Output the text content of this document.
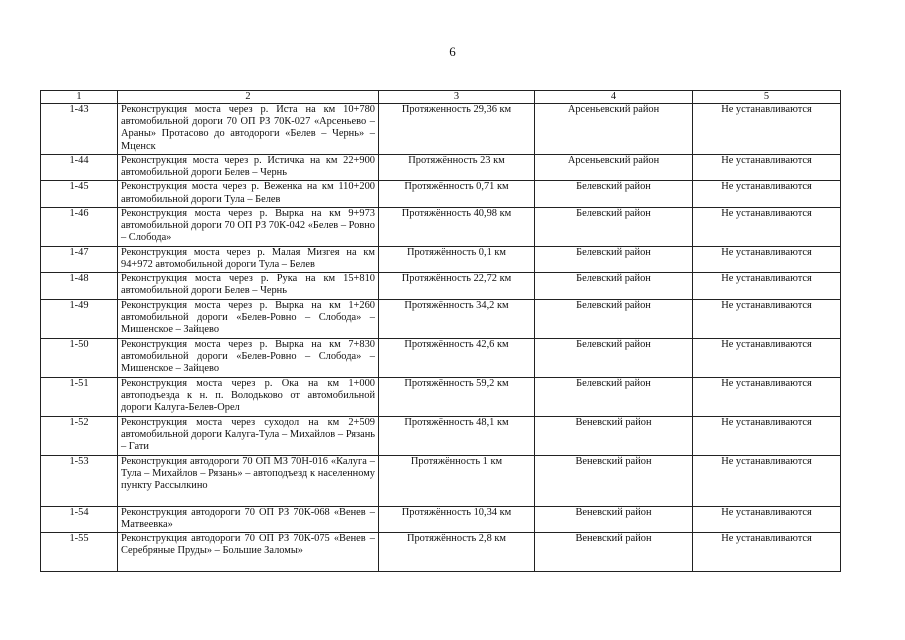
6
1	2	3	4	5
1-43	Реконструкция моста через р. Иста на км 10+780 автомобильной дороги 70 ОП РЗ 70К-027 «Арсеньево – Араны» Протасово до автодороги «Белев – Чернь» – Мценск	Протяженность 29,36 км	Арсеньевский район	Не устанавливаются
1-44	Реконструкция моста через р. Истичка на км 22+900 автомобильной дороги Белев – Чернь	Протяжённость 23 км	Арсеньевский район	Не устанавливаются
1-45	Реконструкция моста через р. Веженка на км 110+200 автомобильной дороги Тула – Белев	Протяжённость 0,71 км	Белевский район	Не устанавливаются
1-46	Реконструкция моста через р. Вырка на км 9+973 автомобильной дороги 70 ОП РЗ 70К-042 «Белев – Ровно – Слобода»	Протяжённость 40,98 км	Белевский район	Не устанавливаются
1-47	Реконструкция моста через р. Малая Мизгея на км 94+972 автомобильной дороги Тула – Белев	Протяжённость 0,1 км	Белевский район	Не устанавливаются
1-48	Реконструкция моста через р. Рука на км 15+810 автомобильной дороги Белев – Чернь	Протяжённость 22,72 км	Белевский район	Не устанавливаются
1-49	Реконструкция моста через р. Вырка на км 1+260 автомобильной дороги «Белев-Ровно – Слобода» – Мишенское – Зайцево	Протяжённость 34,2 км	Белевский район	Не устанавливаются
1-50	Реконструкция моста через р. Вырка на км 7+830 автомобильной дороги «Белев-Ровно – Слобода» – Мишенское – Зайцево	Протяжённость 42,6 км	Белевский район	Не устанавливаются
1-51	Реконструкция моста через р. Ока на км 1+000 автоподъезда к н. п. Володьково от автомобильной дороги Калуга-Белев-Орел	Протяжённость 59,2 км	Белевский район	Не устанавливаются
1-52	Реконструкция моста через суходол на км 2+509 автомобильной дороги Калуга-Тула – Михайлов – Рязань – Гати	Протяжённость 48,1 км	Веневский район	Не устанавливаются
1-53	Реконструкция автодороги 70 ОП МЗ 70Н-016 «Калуга – Тула – Михайлов – Рязань» – автоподъезд к населенному пункту Рассылкино	Протяжённость 1 км	Веневский район	Не устанавливаются
1-54	Реконструкция автодороги 70 ОП РЗ 70К-068 «Венев – Матвеевка»	Протяжённость 10,34 км	Веневский район	Не устанавливаются
1-55	Реконструкция автодороги 70 ОП РЗ 70К-075 «Венев – Серебряные Пруды» – Большие Заломы»	Протяжённость 2,8 км	Веневский район	Не устанавливаются
